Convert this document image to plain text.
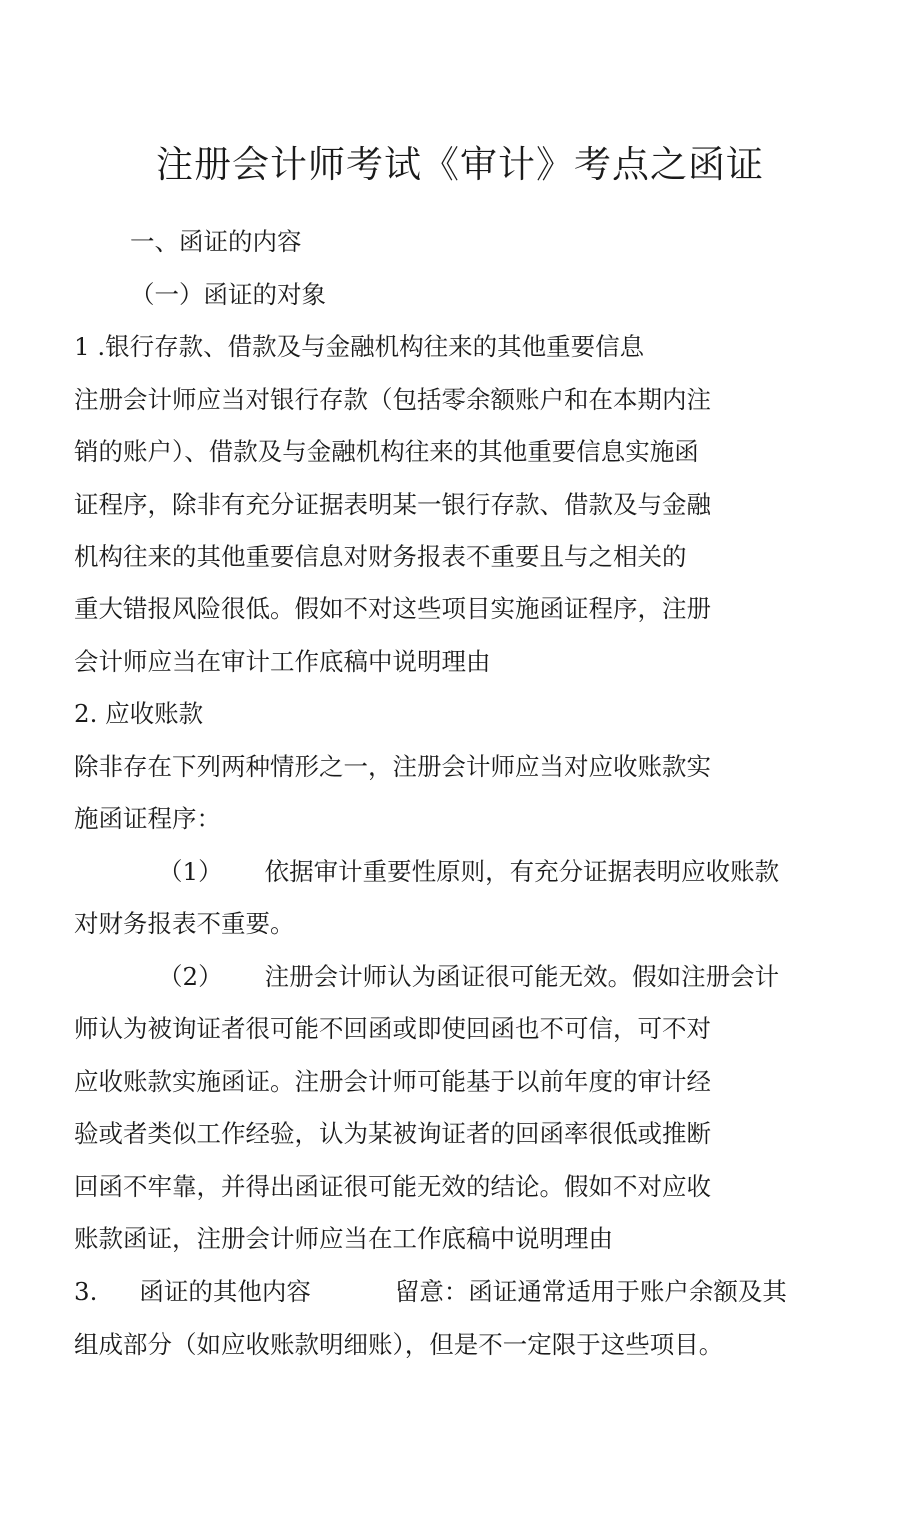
注册会计师考试《审计》考点之函证

一、函证的内容

（一）函证的对象

1 .银行存款、借款及与金融机构往来的其他重要信息

注册会计师应当对银行存款（包括零余额账户和在本期内注

销的账户）、借款及与金融机构往来的其他重要信息实施函

证程序，除非有充分证据表明某一银行存款、借款及与金融

机构往来的其他重要信息对财务报表不重要且与之相关的

重大错报风险很低。假如不对这些项目实施函证程序，注册

会计师应当在审计工作底稿中说明理由

2. 应收账款

除非存在下列两种情形之一，注册会计师应当对应收账款实

施函证程序：

（1） 依据审计重要性原则，有充分证据表明应收账款

对财务报表不重要。

（2） 注册会计师认为函证很可能无效。假如注册会计

师认为被询证者很可能不回函或即使回函也不可信，可不对

应收账款实施函证。注册会计师可能基于以前年度的审计经

验或者类似工作经验，认为某被询证者的回函率很低或推断

回函不牢靠，并得出函证很可能无效的结论。假如不对应收

账款函证，注册会计师应当在工作底稿中说明理由

3. 函证的其他内容	留意：函证通常适用于账户余额及其

组成部分（如应收账款明细账），但是不一定限于这些项目。
